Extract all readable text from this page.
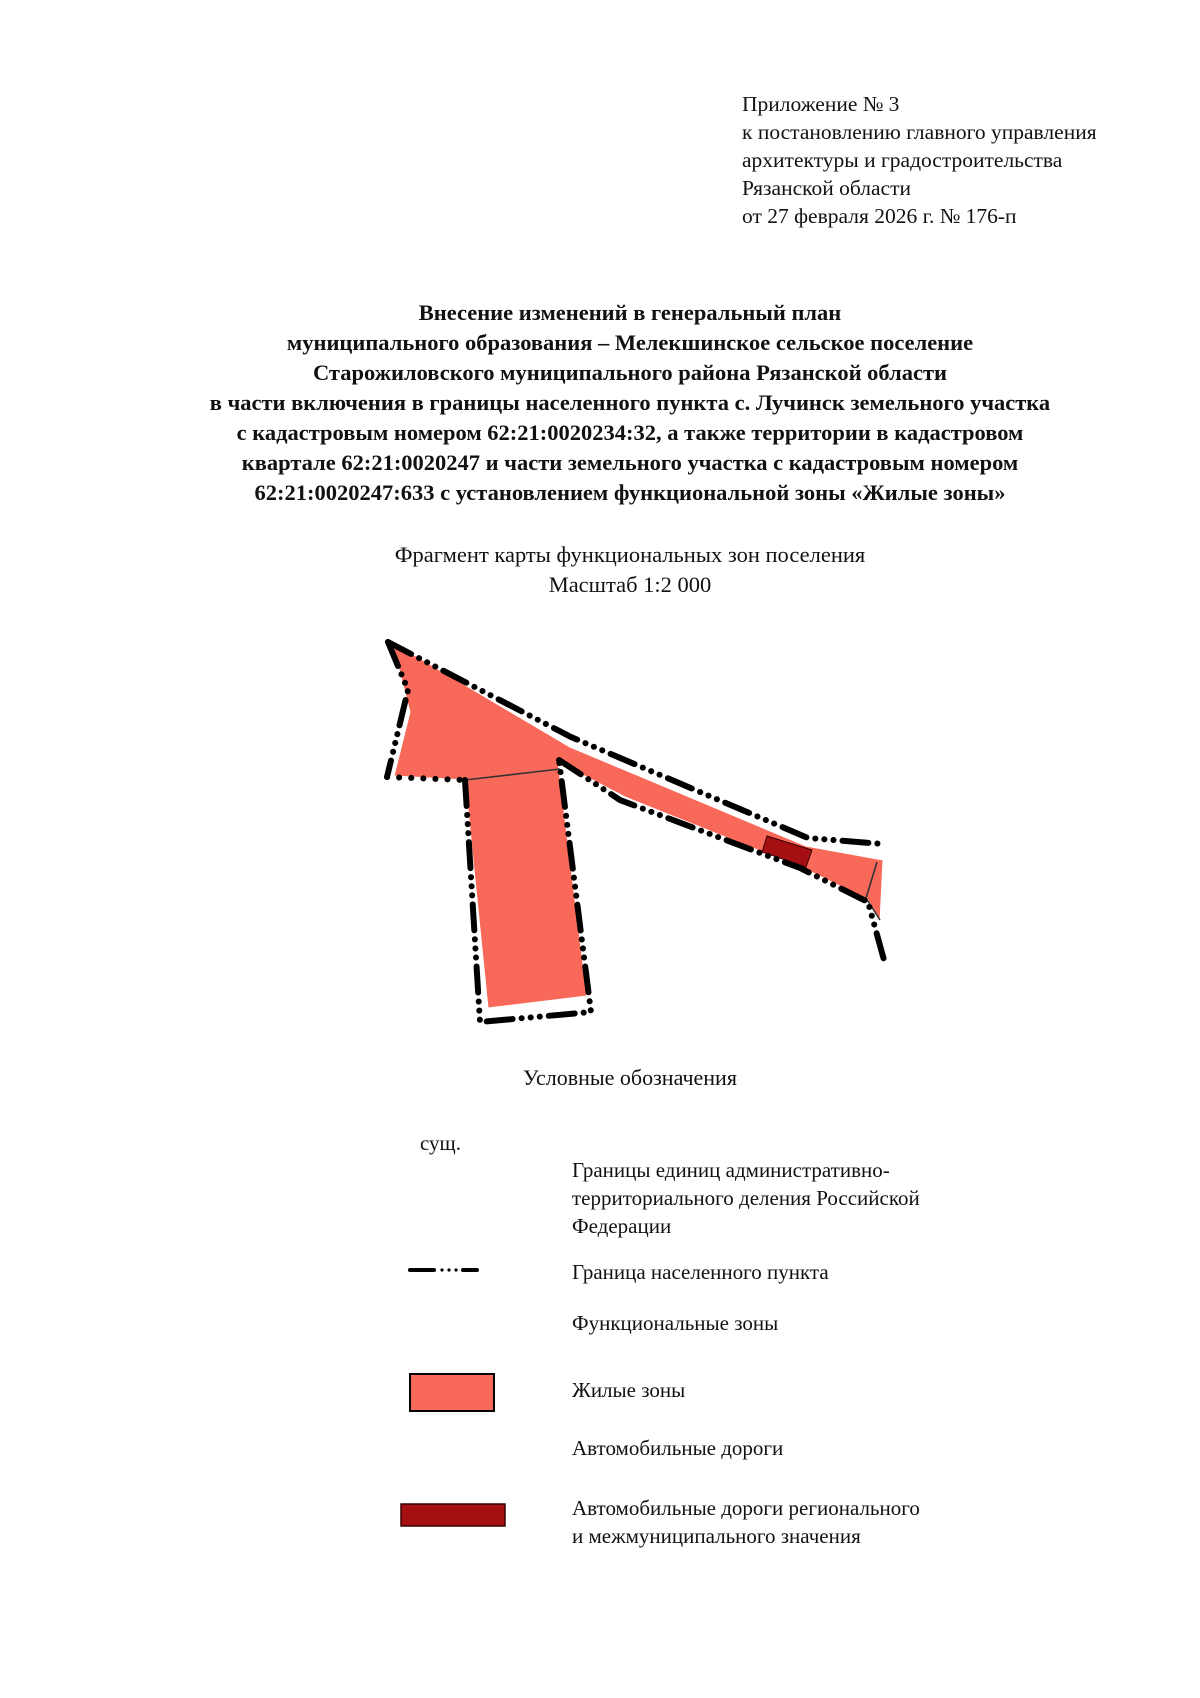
Приложение № 3
к постановлению главного управления
архитектуры и градостроительства
Рязанской области
от 27 февраля 2026 г. № 176-п
Внесение изменений в генеральный план
муниципального образования – Мелекшинское сельское поселение
Старожиловского муниципального района Рязанской области
в части включения в границы населенного пункта с. Лучинск земельного участка
с кадастровым номером 62:21:0020234:32, а также территории в кадастровом
квартале 62:21:0020247 и части земельного участка с кадастровым номером
62:21:0020247:633 с установлением функциональной зоны «Жилые зоны»
Фрагмент карты функциональных зон поселения
Масштаб 1:2 000
Условные обозначения
сущ.
Границы единиц административно-
территориального деления Российской
Федерации
Граница населенного пункта
Функциональные зоны
Жилые зоны
Автомобильные дороги
Автомобильные дороги регионального
и межмуниципального значения
